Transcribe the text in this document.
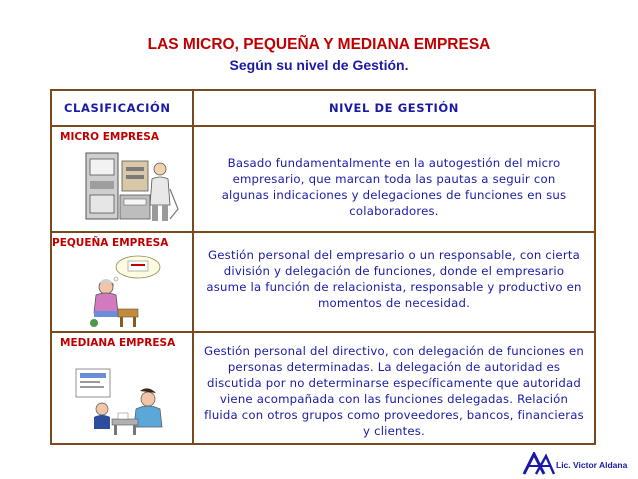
LAS MICRO, PEQUEÑA Y MEDIANA EMPRESA
Según su nivel de Gestión.
CLASIFICACIÓN	NIVEL DE GESTIÓN

MICRO EMPRESA	Basado fundamentalmente en la autogestión del micro empresario, que marcan toda las pautas a seguir con algunas indicaciones y delegaciones de funciones en sus colaboradores.

PEQUEÑA EMPRESA	Gestión personal del empresario o un responsable, con cierta división y delegación de funciones, donde el empresario asume la función de relacionista, responsable y productivo en momentos de necesidad.

MEDIANA EMPRESA	Gestión personal del directivo, con delegación de funciones en personas determinadas. La delegación de autoridad es discutida por no determinarse específicamente que autoridad viene acompañada con las funciones delegadas. Relación fluida con otros grupos como proveedores, bancos, financieras y clientes.
Lic. Victor Aldana
